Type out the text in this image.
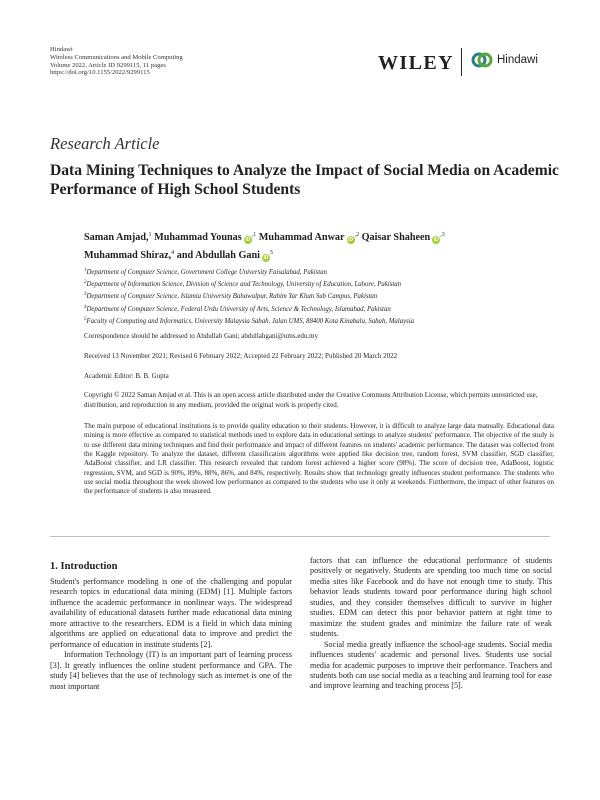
Hindawi
Wireless Communications and Mobile Computing
Volume 2022, Article ID 9299115, 11 pages
https://doi.org/10.1155/2022/9299115	WILEY	Hindawi
Research Article
Data Mining Techniques to Analyze the Impact of Social Media on Academic Performance of High School Students
Saman Amjad,$^1$ Muhammad Younas $iD^{,1}$ Muhammad Anwar $iD^{,2}$ Qaisar Shaheen $iD^{,3}$
Muhammad Shiraz,$^4$ and Abdullah Gani $iD^5$
$^1$Department of Computer Science, Government College University Faisalabad, Pakistan
$^2$Department of Information Science, Division of Science and Technology, University of Education, Lahore, Pakistan
$^3$Department of Computer Science, Islamia University Bahawalpur, Rahim Yar Khan Sub Campus, Pakistan
$^4$Department of Computer Science, Federal Urdu University of Arts, Science & Technology, Islamabad, Pakistan
$^5$Faculty of Computing and Informatics, University Malaysia Sabah, Jalan UMS, 88400 Kota Kinabalu, Sabah, Malaysia
Correspondence should be addressed to Abdullah Gani; abdullahgani@ums.edu.my
Received 13 November 2021; Revised 6 February 2022; Accepted 22 February 2022; Published 20 March 2022
Academic Editor: B. B. Gupta
Copyright © 2022 Saman Amjad et al. This is an open access article distributed under the Creative Commons Attribution License, which permits unrestricted use, distribution, and reproduction in any medium, provided the original work is properly cited.
The main purpose of educational institutions is to provide quality education to their students. However, it is difficult to analyze large data manually. Educational data mining is more effective as compared to statistical methods used to explore data in educational settings to analyze students' performance. The objective of the study is to use different data mining techniques and find their performance and impact of different features on students' academic performance. The dataset was collected from the Kaggle repository. To analyze the dataset, different classification algorithms were applied like decision tree, random forest, SVM classifier, SGD classifier, AdaBoost classifier, and LR classifier. This research revealed that random forest achieved a higher score (98%). The score of decision tree, AdaBoost, logistic regression, SVM, and SGD is 90%, 89%, 88%, 86%, and 84%, respectively. Results show that technology greatly influences student performance. The students who use social media throughout the week showed low performance as compared to the students who use it only at weekends. Furthermore, the impact of other features on the performance of students is also measured.
1. Introduction

Student's performance modeling is one of the challenging and popular research topics in educational data mining (EDM) [1]. Multiple factors influence the academic performance in nonlinear ways. The widespread availability of educational datasets further made educational data mining more attractive to the researchers. EDM is a field in which data mining algorithms are applied on educational data to improve and predict the performance of education in institute students [2].

Information Technology (IT) is an important part of learning process [3]. It greatly influences the online student performance and GPA. The study [4] believes that the use of technology such as internet is one of the most important

factors that can influence the educational performance of students positively or negatively. Students are spending too much time on social media sites like Facebook and do have not enough time to study. This behavior leads students toward poor performance during high school studies, and they consider themselves difficult to survive in higher studies. EDM can detect this poor behavior pattern at right time to maximize the student grades and minimize the failure rate of weak students.

Social media greatly influence the school-age students. Social media influences students' academic and personal lives. Students use social media for academic purposes to improve their performance. Teachers and students both can use social media as a teaching and learning tool for ease and improve learning and teaching process [5].
